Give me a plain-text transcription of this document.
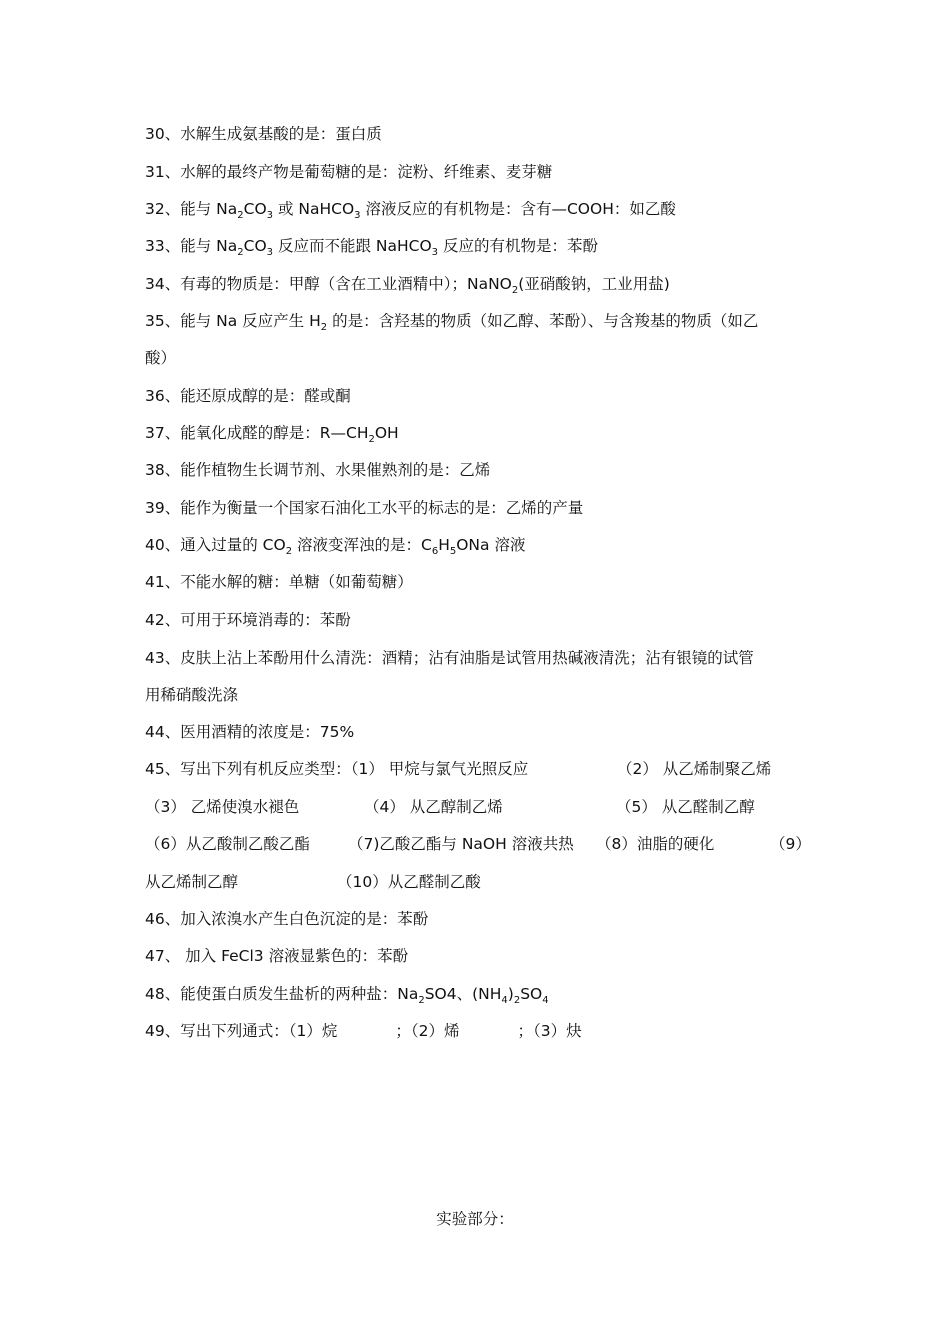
30、水解生成氨基酸的是：蛋白质
31、水解的最终产物是葡萄糖的是：淀粉、纤维素、麦芽糖
32、能与 $Na_2CO_3$ 或 NaHCO$_3$ 溶液反应的有机物是：含有—COOH：如乙酸
33、能与 $Na_2CO_3$ 反应而不能跟 NaHCO$_3$ 反应的有机物是：苯酚
34、有毒的物质是：甲醇（含在工业酒精中）；NaNO$_2$(亚硝酸钠，工业用盐)
35、能与 Na 反应产生 $H_2$ 的是：含羟基的物质（如乙醇、苯酚）、与含羧基的物质（如乙
酸）
36、能还原成醇的是：醛或酮
37、能氧化成醛的醇是：$R—CH_2OH$
38、能作植物生长调节剂、水果催熟剂的是：乙烯
39、能作为衡量一个国家石油化工水平的标志的是：乙烯的产量
40、通入过量的 $CO_2$ 溶液变浑浊的是：$C_6H_5ONa$ 溶液
41、不能水解的糖：单糖（如葡萄糖）
42、可用于环境消毒的：苯酚
43、皮肤上沾上苯酚用什么清洗：酒精；沾有油脂是试管用热碱液清洗；沾有银镜的试管
用稀硝酸洗涤
44、医用酒精的浓度是：75%
45、写出下列有机反应类型：（1） 甲烷与氯气光照反应	（2） 从乙烯制聚乙烯
（3） 乙烯使溴水褪色	（4） 从乙醇制乙烯	（5） 从乙醛制乙醇
（6）从乙酸制乙酸乙酯 （7)乙酸乙酯与 NaOH 溶液共热 （8）油脂的硬化	（9）
从乙烯制乙醇	（10）从乙醛制乙酸
46、加入浓溴水产生白色沉淀的是：苯酚
47、 加入 FeCl3 溶液显紫色的：苯酚
48、能使蛋白质发生盐析的两种盐：$Na_2SO4$、$(NH_4)_2SO_4$
49、写出下列通式：（1）烷	；（2）烯	；（3）炔
实验部分：
